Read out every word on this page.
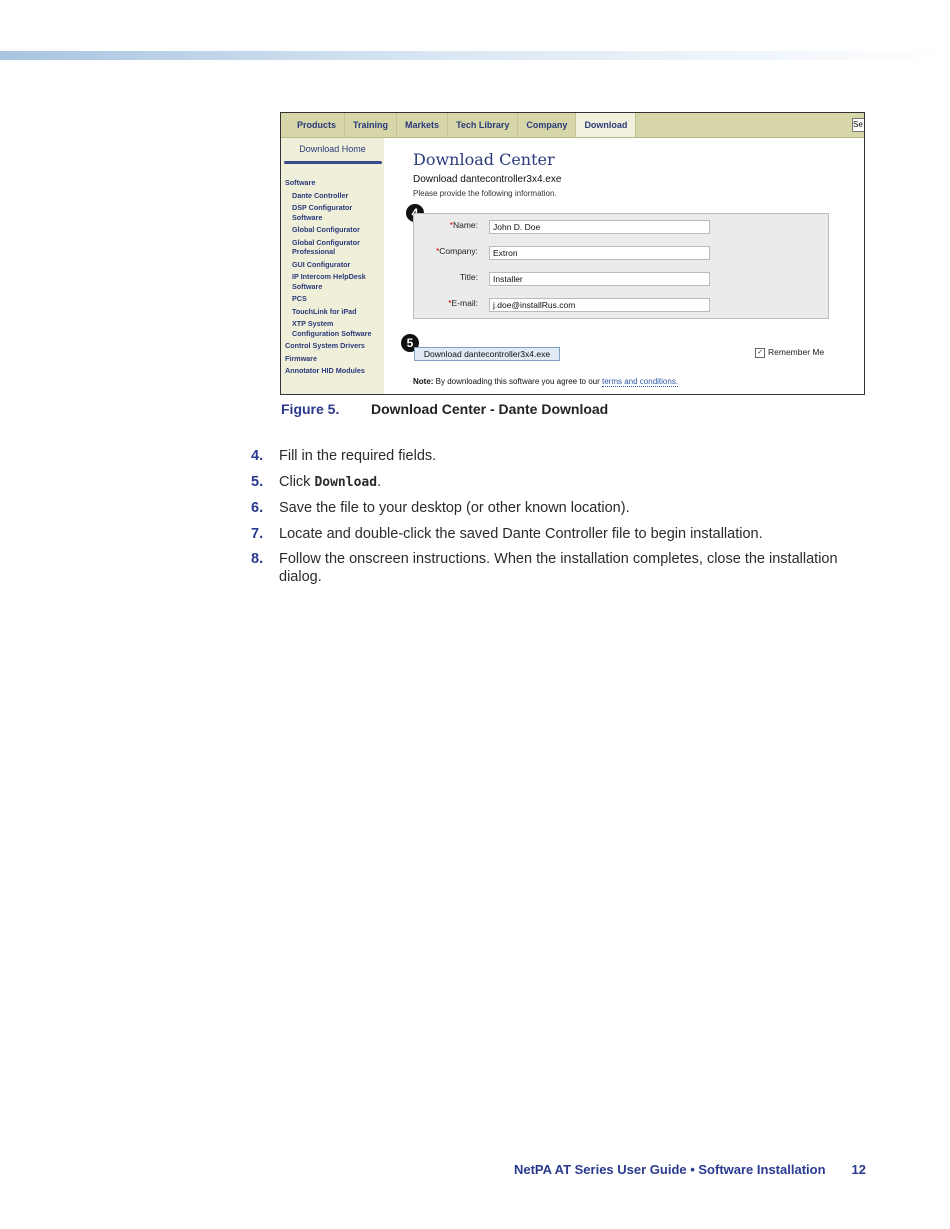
Products	Training	Markets	Tech Library	Company	Download	Se
Download Home
Software
Dante Controller
DSP Configurator Software
Global Configurator
Global Configurator Professional
GUI Configurator
IP Intercom HelpDesk Software
PCS
TouchLink for iPad
XTP System Configuration Software
Control System Drivers
Firmware
Annotator HID Modules
Download Center
Download dantecontroller3x4.exe
Please provide the following information.
*Name:	John D. Doe
*Company:	Extron
Title:	Installer
*E-mail:	j.doe@installRus.com
5
Download dantecontroller3x4.exe	✓ Remember Me
Note: By downloading this software you agree to our terms and conditions.
Figure 5. Download Center - Dante Download
4. Fill in the required fields.
5. Click Download.
6. Save the file to your desktop (or other known location).
7. Locate and double-click the saved Dante Controller file to begin installation.
8. Follow the onscreen instructions. When the installation completes, close the installation dialog.
NetPA AT Series User Guide • Software Installation 12
